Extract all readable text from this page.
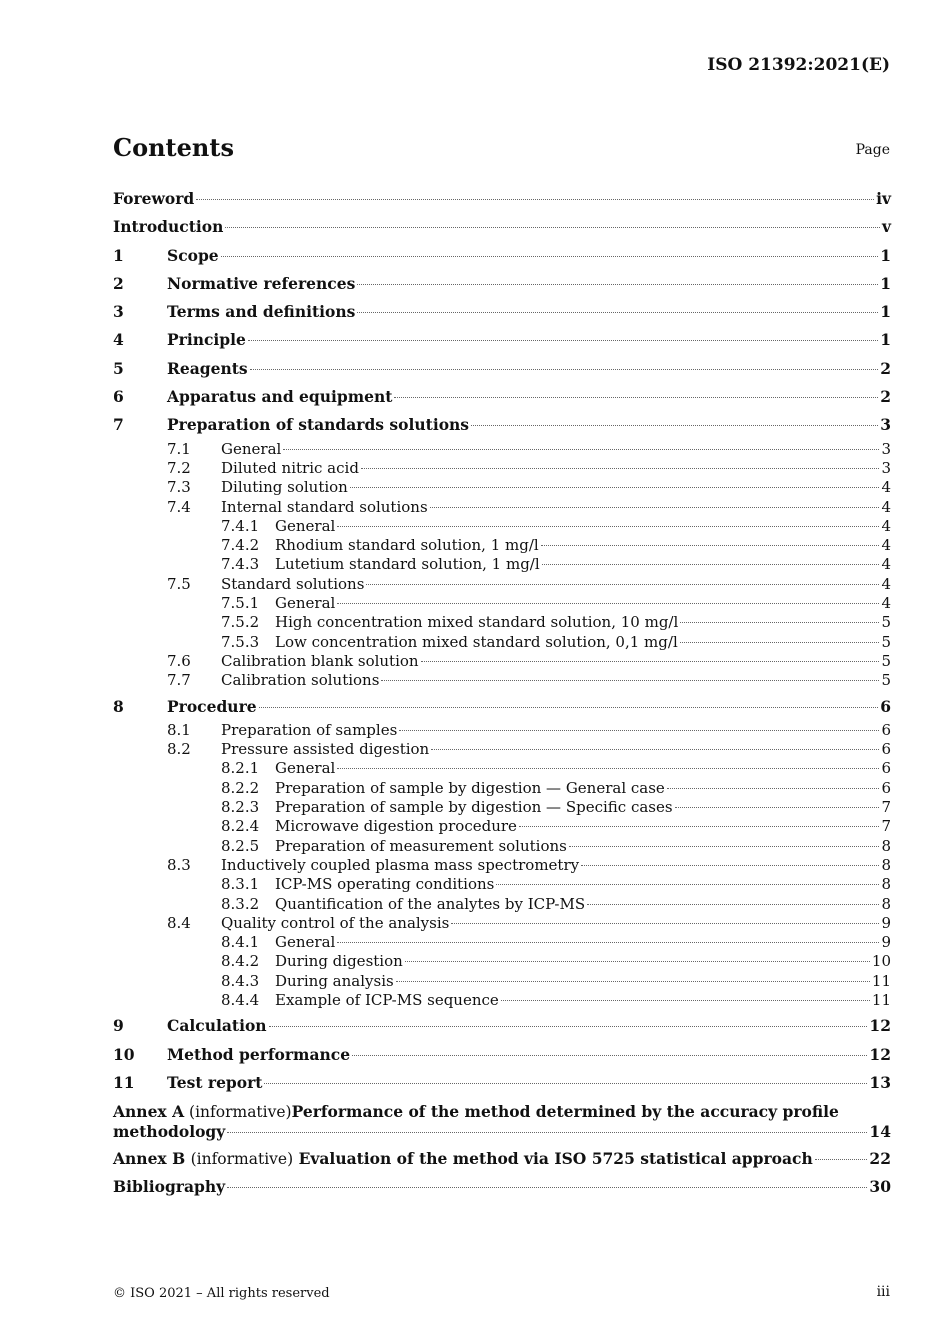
ISO 21392:2021(E)
Contents	Page
Foreword	iv
Introduction	v
1	Scope	1
2	Normative references	1
3	Terms and definitions	1
4	Principle	1
5	Reagents	2
6	Apparatus and equipment	2
7	Preparation of standards solutions	3
7.1	General	3
7.2	Diluted nitric acid	3
7.3	Diluting solution	4
7.4	Internal standard solutions	4
7.4.1	General	4
7.4.2	Rhodium standard solution, 1 mg/l	4
7.4.3	Lutetium standard solution, 1 mg/l	4
7.5	Standard solutions	4
7.5.1	General	4
7.5.2	High concentration mixed standard solution, 10 mg/l	5
7.5.3	Low concentration mixed standard solution, 0,1 mg/l	5
7.6	Calibration blank solution	5
7.7	Calibration solutions	5
8	Procedure	6
8.1	Preparation of samples	6
8.2	Pressure assisted digestion	6
8.2.1	General	6
8.2.2	Preparation of sample by digestion — General case	6
8.2.3	Preparation of sample by digestion — Specific cases	7
8.2.4	Microwave digestion procedure	7
8.2.5	Preparation of measurement solutions	8
8.3	Inductively coupled plasma mass spectrometry	8
8.3.1	ICP-MS operating conditions	8
8.3.2	Quantification of the analytes by ICP-MS	8
8.4	Quality control of the analysis	9
8.4.1	General	9
8.4.2	During digestion	10
8.4.3	During analysis	11
8.4.4	Example of ICP-MS sequence	11
9	Calculation	12
10	Method performance	12
11	Test report	13
Annex A (informative) Performance of the method determined by the accuracy profile
methodology	14
Annex B (informative) Evaluation of the method via ISO 5725 statistical approach	22
Bibliography	30
© ISO 2021 – All rights reserved	iii
